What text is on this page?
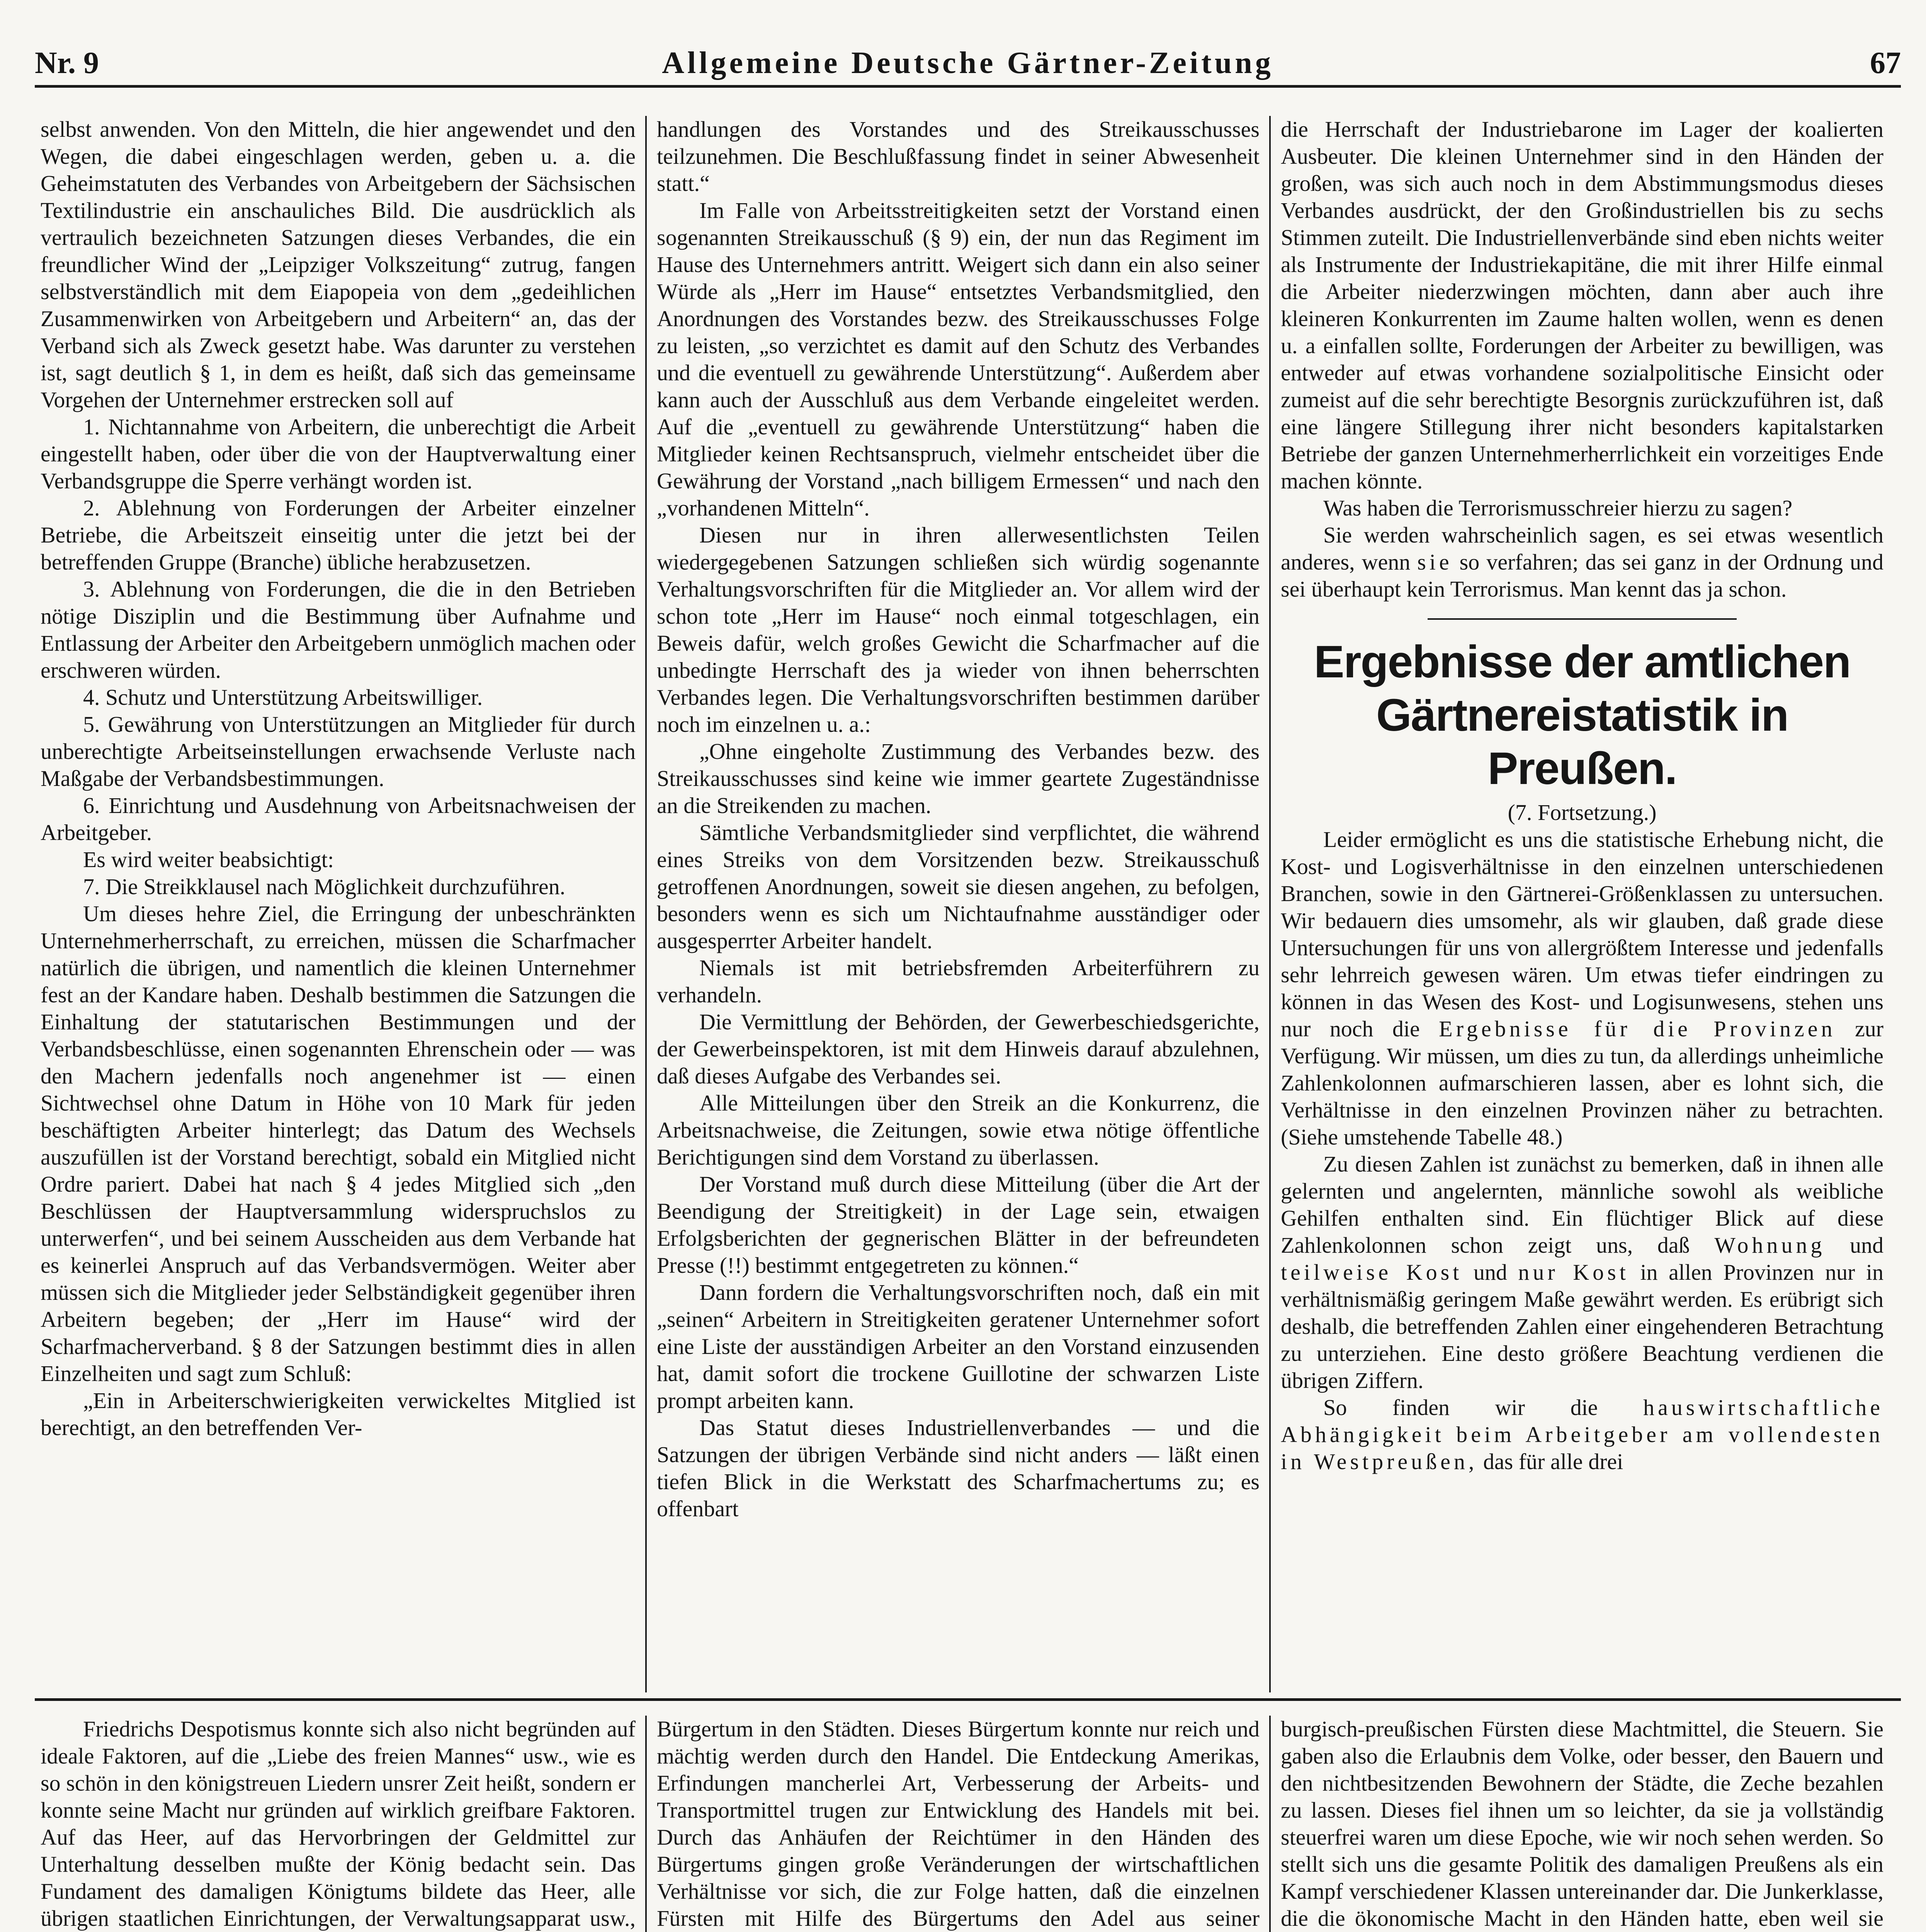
Nr. 9	Allgemeine Deutsche Gärtner-Zeitung	67

selbst anwenden. Von den Mitteln, die hier angewendet und den Wegen, die dabei eingeschlagen werden, geben u. a. die Geheimstatuten des Verbandes von Arbeitgebern der Sächsischen Textilindustrie ein anschauliches Bild. Die ausdrücklich als vertraulich bezeichneten Satzungen dieses Verbandes, die ein freundlicher Wind der „Leipziger Volkszeitung“ zutrug, fangen selbstverständlich mit dem Eiapopeia von dem „gedeihlichen Zusammenwirken von Arbeitgebern und Arbeitern“ an, das der Verband sich als Zweck gesetzt habe. Was darunter zu verstehen ist, sagt deutlich § 1, in dem es heißt, daß sich das gemeinsame Vorgehen der Unternehmer erstrecken soll auf

1. Nichtannahme von Arbeitern, die unberechtigt die Arbeit eingestellt haben, oder über die von der Hauptverwaltung einer Verbandsgruppe die Sperre verhängt worden ist.

2. Ablehnung von Forderungen der Arbeiter einzelner Betriebe, die Arbeitszeit einseitig unter die jetzt bei der betreffenden Gruppe (Branche) übliche herabzusetzen.

3. Ablehnung von Forderungen, die die in den Betrieben nötige Disziplin und die Bestimmung über Aufnahme und Entlassung der Arbeiter den Arbeitgebern unmöglich machen oder erschweren würden.

4. Schutz und Unterstützung Arbeitswilliger.

5. Gewährung von Unterstützungen an Mitglieder für durch unberechtigte Arbeitseinstellungen erwachsende Verluste nach Maßgabe der Verbandsbestimmungen.

6. Einrichtung und Ausdehnung von Arbeitsnachweisen der Arbeitgeber.

Es wird weiter beabsichtigt:

7. Die Streikklausel nach Möglichkeit durchzuführen.

Um dieses hehre Ziel, die Erringung der unbeschränkten Unternehmerherrschaft, zu erreichen, müssen die Scharfmacher natürlich die übrigen, und namentlich die kleinen Unternehmer fest an der Kandare haben. Deshalb bestimmen die Satzungen die Einhaltung der statutarischen Bestimmungen und der Verbandsbeschlüsse, einen sogenannten Ehrenschein oder — was den Machern jedenfalls noch angenehmer ist — einen Sichtwechsel ohne Datum in Höhe von 10 Mark für jeden beschäftigten Arbeiter hinterlegt; das Datum des Wechsels auszufüllen ist der Vorstand berechtigt, sobald ein Mitglied nicht Ordre pariert. Dabei hat nach § 4 jedes Mitglied sich „den Beschlüssen der Hauptversammlung widerspruchslos zu unterwerfen“, und bei seinem Ausscheiden aus dem Verbande hat es keinerlei Anspruch auf das Verbandsvermögen. Weiter aber müssen sich die Mitglieder jeder Selbständigkeit gegenüber ihren Arbeitern begeben; der „Herr im Hause“ wird der Scharfmacherverband. § 8 der Satzungen bestimmt dies in allen Einzelheiten und sagt zum Schluß:

„Ein in Arbeiterschwierigkeiten verwickeltes Mitglied ist berechtigt, an den betreffenden Ver-

handlungen des Vorstandes und des Streikausschusses teilzunehmen. Die Beschlußfassung findet in seiner Abwesenheit statt.“

Im Falle von Arbeitsstreitigkeiten setzt der Vorstand einen sogenannten Streikausschuß (§ 9) ein, der nun das Regiment im Hause des Unternehmers antritt. Weigert sich dann ein also seiner Würde als „Herr im Hause“ entsetztes Verbandsmitglied, den Anordnungen des Vorstandes bezw. des Streikausschusses Folge zu leisten, „so verzichtet es damit auf den Schutz des Verbandes und die eventuell zu gewährende Unterstützung“. Außerdem aber kann auch der Ausschluß aus dem Verbande eingeleitet werden. Auf die „eventuell zu gewährende Unterstützung“ haben die Mitglieder keinen Rechtsanspruch, vielmehr entscheidet über die Gewährung der Vorstand „nach billigem Ermessen“ und nach den „vorhandenen Mitteln“.

Diesen nur in ihren allerwesentlichsten Teilen wiedergegebenen Satzungen schließen sich würdig sogenannte Verhaltungsvorschriften für die Mitglieder an. Vor allem wird der schon tote „Herr im Hause“ noch einmal totgeschlagen, ein Beweis dafür, welch großes Gewicht die Scharfmacher auf die unbedingte Herrschaft des ja wieder von ihnen beherrschten Verbandes legen. Die Verhaltungsvorschriften bestimmen darüber noch im einzelnen u. a.:

„Ohne eingeholte Zustimmung des Verbandes bezw. des Streikausschusses sind keine wie immer geartete Zugeständnisse an die Streikenden zu machen.

Sämtliche Verbandsmitglieder sind verpflichtet, die während eines Streiks von dem Vorsitzenden bezw. Streikausschuß getroffenen Anordnungen, soweit sie diesen angehen, zu befolgen, besonders wenn es sich um Nichtaufnahme ausständiger oder ausgesperrter Arbeiter handelt.

Niemals ist mit betriebsfremden Arbeiterführern zu verhandeln.

Die Vermittlung der Behörden, der Gewerbeschiedsgerichte, der Gewerbeinspektoren, ist mit dem Hinweis darauf abzulehnen, daß dieses Aufgabe des Verbandes sei.

Alle Mitteilungen über den Streik an die Konkurrenz, die Arbeitsnachweise, die Zeitungen, sowie etwa nötige öffentliche Berichtigungen sind dem Vorstand zu überlassen.

Der Vorstand muß durch diese Mitteilung (über die Art der Beendigung der Streitigkeit) in der Lage sein, etwaigen Erfolgsberichten der gegnerischen Blätter in der befreundeten Presse (!!) bestimmt entgegetreten zu können.“

Dann fordern die Verhaltungsvorschriften noch, daß ein mit „seinen“ Arbeitern in Streitigkeiten geratener Unternehmer sofort eine Liste der ausständigen Arbeiter an den Vorstand einzusenden hat, damit sofort die trockene Guillotine der schwarzen Liste prompt arbeiten kann.

Das Statut dieses Industriellenverbandes — und die Satzungen der übrigen Verbände sind nicht anders — läßt einen tiefen Blick in die Werkstatt des Scharfmachertums zu; es offenbart

die Herrschaft der Industriebarone im Lager der koalierten Ausbeuter. Die kleinen Unternehmer sind in den Händen der großen, was sich auch noch in dem Abstimmungsmodus dieses Verbandes ausdrückt, der den Großindustriellen bis zu sechs Stimmen zuteilt. Die Industriellenverbände sind eben nichts weiter als Instrumente der Industriekapitäne, die mit ihrer Hilfe einmal die Arbeiter niederzwingen möchten, dann aber auch ihre kleineren Konkurrenten im Zaume halten wollen, wenn es denen u. a einfallen sollte, Forderungen der Arbeiter zu bewilligen, was entweder auf etwas vorhandene sozialpolitische Einsicht oder zumeist auf die sehr berechtigte Besorgnis zurückzuführen ist, daß eine längere Stillegung ihrer nicht besonders kapitalstarken Betriebe der ganzen Unternehmerherrlichkeit ein vorzeitiges Ende machen könnte.

Was haben die Terrorismusschreier hierzu zu sagen?

Sie werden wahrscheinlich sagen, es sei etwas wesentlich anderes, wenn sie so verfahren; das sei ganz in der Ordnung und sei überhaupt kein Terrorismus. Man kennt das ja schon.

Ergebnisse der amtlichen
Gärtnereistatistik in Preußen.

(7. Fortsetzung.)

Leider ermöglicht es uns die statistische Erhebung nicht, die Kost- und Logisverhältnisse in den einzelnen unterschiedenen Branchen, sowie in den Gärtnerei-Größenklassen zu untersuchen. Wir bedauern dies umsomehr, als wir glauben, daß grade diese Untersuchungen für uns von allergrößtem Interesse und jedenfalls sehr lehrreich gewesen wären. Um etwas tiefer eindringen zu können in das Wesen des Kost- und Logisunwesens, stehen uns nur noch die Ergebnisse für die Provinzen zur Verfügung. Wir müssen, um dies zu tun, da allerdings unheimliche Zahlenkolonnen aufmarschieren lassen, aber es lohnt sich, die Verhältnisse in den einzelnen Provinzen näher zu betrachten. (Siehe umstehende Tabelle 48.)

Zu diesen Zahlen ist zunächst zu bemerken, daß in ihnen alle gelernten und angelernten, männliche sowohl als weibliche Gehilfen enthalten sind. Ein flüchtiger Blick auf diese Zahlenkolonnen schon zeigt uns, daß Wohnung und teilweise Kost und nur Kost in allen Provinzen nur in verhältnismäßig geringem Maße gewährt werden. Es erübrigt sich deshalb, die betreffenden Zahlen einer eingehenderen Betrachtung zu unterziehen. Eine desto größere Beachtung verdienen die übrigen Ziffern.

So finden wir die hauswirtschaftliche Abhängigkeit beim Arbeitgeber am vollendesten in Westpreußen, das für alle drei

Friedrichs Despotismus konnte sich also nicht begründen auf ideale Faktoren, auf die „Liebe des freien Mannes“ usw., wie es so schön in den königstreuen Liedern unsrer Zeit heißt, sondern er konnte seine Macht nur gründen auf wirklich greifbare Faktoren. Auf das Heer, auf das Hervorbringen der Geldmittel zur Unterhaltung desselben mußte der König bedacht sein. Das Fundament des damaligen Königtums bildete das Heer, alle übrigen staatlichen Einrichtungen, der Verwaltungsapparat usw.,

Bürgertum in den Städten. Dieses Bürgertum konnte nur reich und mächtig werden durch den Handel. Die Entdeckung Amerikas, Erfindungen mancherlei Art, Verbesserung der Arbeits- und Transportmittel trugen zur Entwicklung des Handels mit bei. Durch das Anhäufen der Reichtümer in den Händen des Bürgertums gingen große Veränderungen der wirtschaftlichen Verhältnisse vor sich, die zur Folge hatten, daß die einzelnen Fürsten mit Hilfe des Bürgertums den Adel aus seiner

burgisch-preußischen Fürsten diese Machtmittel, die Steuern. Sie gaben also die Erlaubnis dem Volke, oder besser, den Bauern und den nichtbesitzenden Bewohnern der Städte, die Zeche bezahlen zu lassen. Dieses fiel ihnen um so leichter, da sie ja vollständig steuerfrei waren um diese Epoche, wie wir noch sehen werden. So stellt sich uns die gesamte Politik des damaligen Preußens als ein Kampf verschiedener Klassen untereinander dar. Die Junkerklasse, die die ökonomische Macht in den Händen hatte, eben weil sie
